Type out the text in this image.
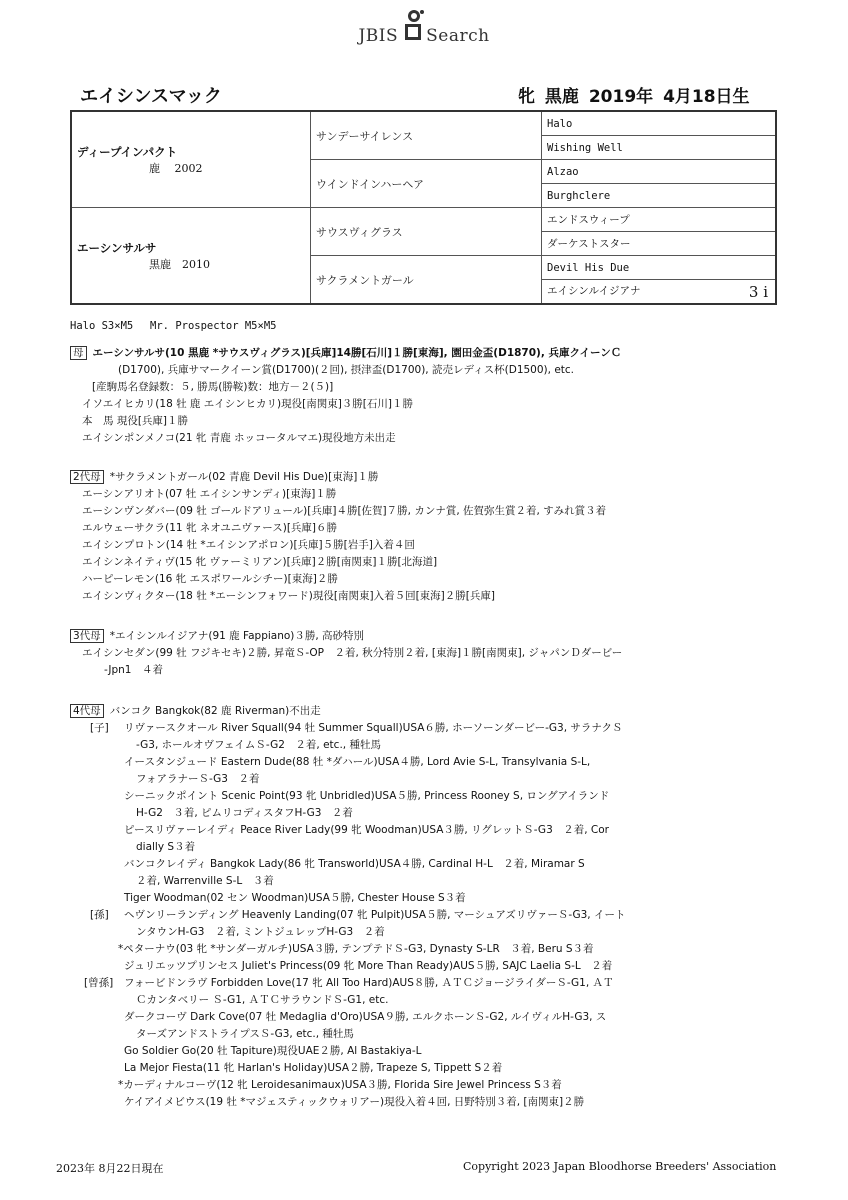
JBIS Search
エイシンスマック	牝 黒鹿 2019年 4月18日生
ディープインパクト
鹿　 2002	サンデーサイレンス	Halo
		Wishing Well
	ウインドインハーヘア	Alzao
		Burghclere

エーシンサルサ
黒鹿　2010	サウスヴィグラス	エンドスウィープ
		ダーケストスター
	サクラメントガール	Devil His Due
		エイシンルイジアナ 3 i
Halo S3×M5　 Mr. Prospector M5×M5
母 エーシンサルサ(10 黒鹿 *サウスヴィグラス)[兵庫]14勝[石川]１勝[東海], 園田金盃(D1870), 兵庫クイーンＣ
(D1700), 兵庫サマークイーン賞(D1700)(２回), 摂津盃(D1700), 読売レディス杯(D1500), etc.
[産駒馬名登録数：５, 勝馬(勝鞍)数：地方－２(５)]
イソエイヒカリ(18 牡 鹿 エイシンヒカリ)現役[南関東]３勝[石川]１勝
本　馬 現役[兵庫]１勝
エイシンポンメノコ(21 牝 青鹿 ホッコータルマエ)現役地方未出走
2代母 *サクラメントガール(02 青鹿 Devil His Due)[東海]１勝
エーシンアリオト(07 牡 エイシンサンディ)[東海]１勝
エーシンヴンダバー(09 牡 ゴールドアリュール)[兵庫]４勝[佐賀]７勝, カンナ賞, 佐賀弥生賞２着, すみれ賞３着
エルウェーサクラ(11 牝 ネオユニヴァース)[兵庫]６勝
エイシンプロトン(14 牡 *エイシンアポロン)[兵庫]５勝[岩手]入着４回
エイシンネイティヴ(15 牝 ヴァーミリアン)[兵庫]２勝[南関東]１勝[北海道]
ハーピーレモン(16 牝 エスポワールシチー)[東海]２勝
エイシンヴィクター(18 牡 *エーシンフォワード)現役[南関東]入着５回[東海]２勝[兵庫]
3代母 *エイシンルイジアナ(91 鹿 Fappiano)３勝, 高砂特別
エイシンセダン(99 牡 フジキセキ)２勝, 昇竜Ｓ-OP　２着, 秋分特別２着, [東海]１勝[南関東], ジャパンＤダービー
-Jpn1　４着
4代母 バンコク Bangkok(82 鹿 Riverman)不出走
[子] リヴァースクオール River Squall(94 牡 Summer Squall)USA６勝, ホーソーンダービー-G3, サラナクＳ
-G3, ホールオヴフェイムＳ-G2　２着, etc., 種牡馬
イースタンジュード Eastern Dude(88 牡 *ダハール)USA４勝, Lord Avie S-L, Transylvania S-L,
フォアラナーＳ-G3　２着
シーニックポイント Scenic Point(93 牝 Unbridled)USA５勝, Princess Rooney S, ロングアイランド
H-G2　３着, ピムリコディスタフH-G3　２着
ピースリヴァーレイディ Peace River Lady(99 牝 Woodman)USA３勝, リグレットＳ-G3　２着, Cor
dially S３着
バンコクレイディ Bangkok Lady(86 牝 Transworld)USA４勝, Cardinal H-L　２着, Miramar S
２着, Warrenville S-L　３着
Tiger Woodman(02 セン Woodman)USA５勝, Chester House S３着
[孫] ヘヴンリーランディング Heavenly Landing(07 牝 Pulpit)USA５勝, マーシュアズリヴァーＳ-G3, イート
ンタウンH-G3　２着, ミントジュレップH-G3　２着
*ペターナウ(03 牝 *サンダーガルチ)USA３勝, テンプテドＳ-G3, Dynasty S-LR　３着, Beru S３着
ジュリエッツプリンセス Juliet's Princess(09 牝 More Than Ready)AUS５勝, SAJC Laelia S-L　２着
[曾孫] フォービドンラヴ Forbidden Love(17 牝 All Too Hard)AUS８勝, ＡＴＣジョージライダーＳ-G1, ＡＴ
Ｃカンタベリー Ｓ-G1, ＡＴＣサラウンドＳ-G1, etc.
ダークコーヴ Dark Cove(07 牡 Medaglia d'Oro)USA９勝, エルクホーンＳ-G2, ルイヴィルH-G3, ス
ターズアンドストライプスＳ-G3, etc., 種牡馬
Go Soldier Go(20 牡 Tapiture)現役UAE２勝, Al Bastakiya-L
La Mejor Fiesta(11 牝 Harlan's Holiday)USA２勝, Trapeze S, Tippett S２着
*カーディナルコーヴ(12 牝 Leroidesanimaux)USA３勝, Florida Sire Jewel Princess S３着
ケイアイメビウス(19 牡 *マジェスティックウォリアー)現役入着４回, 日野特別３着, [南関東]２勝
2023年 8月22日現在	Copyright 2023 Japan Bloodhorse Breeders' Association
